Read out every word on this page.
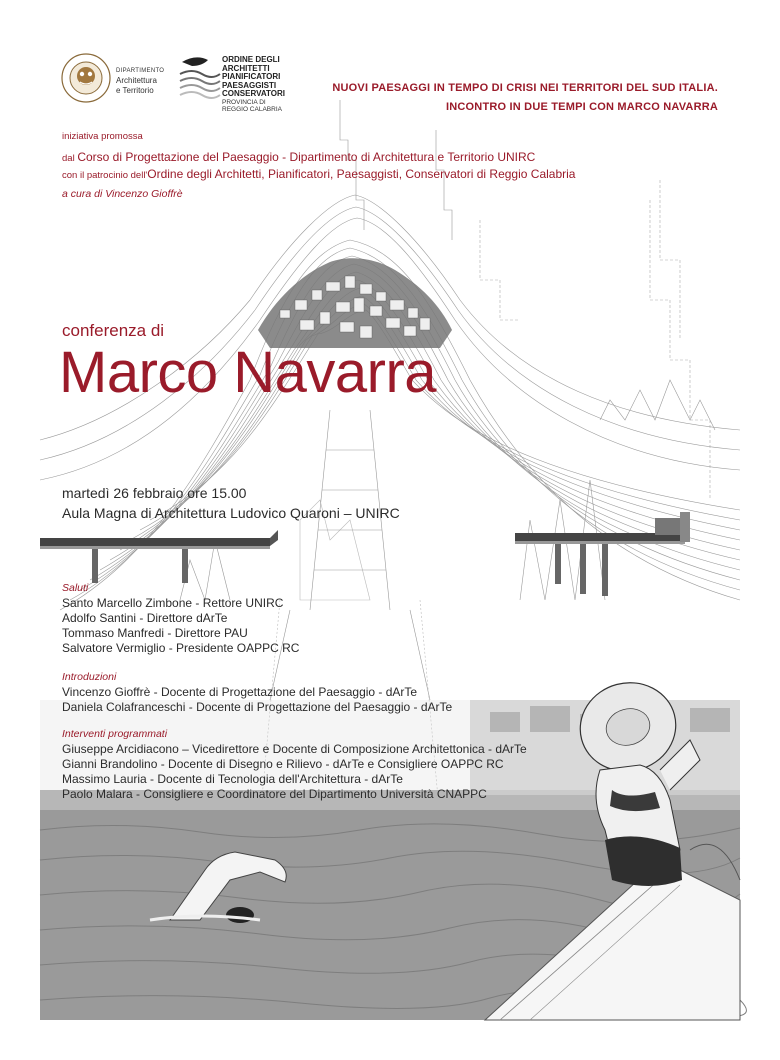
DIPARTIMENTO
Architettura
e Territorio
ORDINE DEGLI
ARCHITETTI
PIANIFICATORI
PAESAGGISTI
CONSERVATORI
PROVINCIA DI
REGGIO CALABRIA
NUOVI PAESAGGI IN TEMPO DI CRISI NEI TERRITORI DEL SUD ITALIA.
INCONTRO IN DUE TEMPI CON MARCO NAVARRA
iniziativa promossa
dal Corso di Progettazione del Paesaggio - Dipartimento di Architettura e Territorio UNIRC
con il patrocinio dell'Ordine degli Architetti, Pianificatori, Paesaggisti, Conservatori di Reggio Calabria
a cura di Vincenzo Gioffrè
conferenza di
Marco Navarra
martedì 26 febbraio ore 15.00
Aula Magna di Architettura Ludovico Quaroni – UNIRC
Saluti
Santo Marcello Zimbone - Rettore UNIRC
Adolfo Santini - Direttore dArTe
Tommaso Manfredi - Direttore PAU
Salvatore Vermiglio - Presidente OAPPC RC
Introduzioni
Vincenzo Gioffrè - Docente di Progettazione del Paesaggio - dArTe
Daniela Colafranceschi - Docente di Progettazione del Paesaggio - dArTe
Interventi programmati
Giuseppe Arcidiacono – Vicedirettore e Docente di Composizione Architettonica - dArTe
Gianni Brandolino - Docente di Disegno e Rilievo - dArTe e Consigliere OAPPC RC
Massimo Lauria - Docente di Tecnologia dell'Architettura - dArTe
Paolo Malara - Consigliere e Coordinatore del Dipartimento Università CNAPPC
